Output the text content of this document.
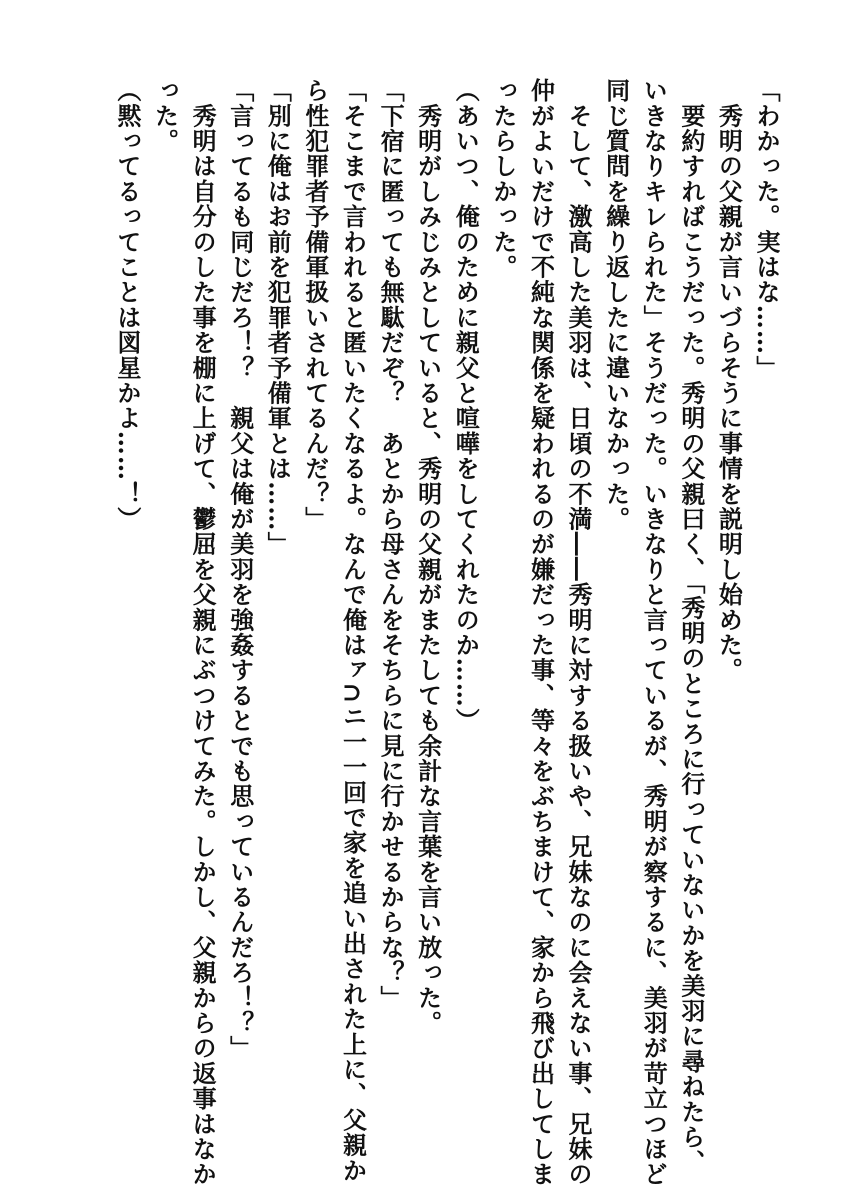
「わかった。実はな……」
　秀明の父親が言いづらそうに事情を説明し始めた。
　要約すればこうだった。秀明の父親曰く、「秀明のところに行っていないかを美羽に尋ねたら、
いきなりキレられた」そうだった。いきなりと言っているが、秀明が察するに、美羽が苛立つほど
同じ質問を繰り返したに違いなかった。
　そして、激高した美羽は、日頃の不満――秀明に対する扱いや、兄妹なのに会えない事、兄妹の
仲がよいだけで不純な関係を疑われるのが嫌だった事、等々をぶちまけて、家から飛び出してしま
ったらしかった。
（あいつ、俺のために親父と喧嘩をしてくれたのか……）
　秀明がしみじみとしていると、秀明の父親がまたしても余計な言葉を言い放った。
「下宿に匿っても無駄だぞ？　あとから母さんをそちらに見に行かせるからな？」
「そこまで言われると匿いたくなるよ。なんで俺はァ∩ニ一一回で家を追い出された上に、父親か
ら性犯罪者予備軍扱いされてるんだ？」
「別に俺はお前を犯罪者予備軍とは……」
「言ってるも同じだろ！？　親父は俺が美羽を強姦するとでも思っているんだろ！？」
　秀明は自分のした事を棚に上げて、鬱屈を父親にぶつけてみた。しかし、父親からの返事はなか
った。
（黙ってるってことは図星かよ……！）
